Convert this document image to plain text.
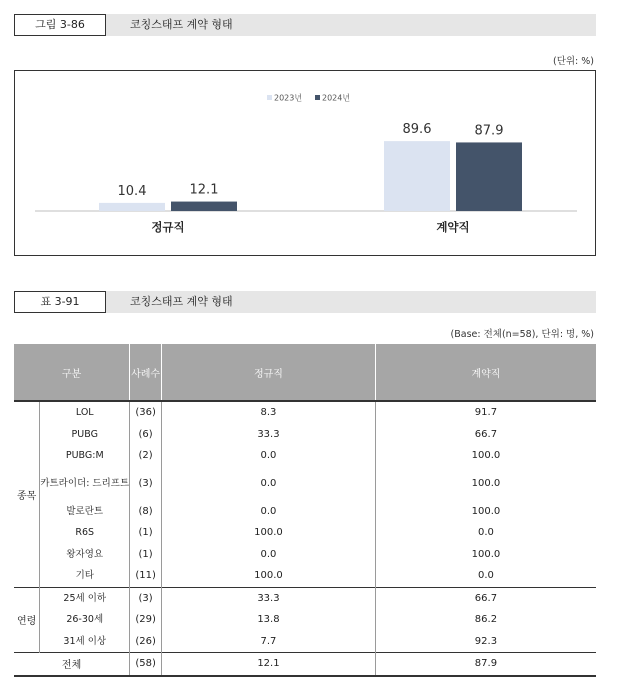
그림 3-86	코칭스태프 계약 형태
(단위: %)
2023년 2024년
10.4	12.1
정규직
89.6	87.9
계약직
표 3-91	코칭스태프 계약 형태
(Base: 전체(n=58), 단위: 명, %)
구분		사례수	정규직	계약직
종목	LOL	(36)	8.3	91.7
	PUBG	(6)	33.3	66.7
	PUBG:M	(2)	0.0	100.0
	카트라이더: 드리프트	(3)	0.0	100.0
	발로란트	(8)	0.0	100.0
	R6S	(1)	100.0	0.0
	왕자영요	(1)	0.0	100.0
	기타	(11)	100.0	0.0
연령	25세 이하	(3)	33.3	66.7
	26-30세	(29)	13.8	86.2
	31세 이상	(26)	7.7	92.3
전체		(58)	12.1	87.9
